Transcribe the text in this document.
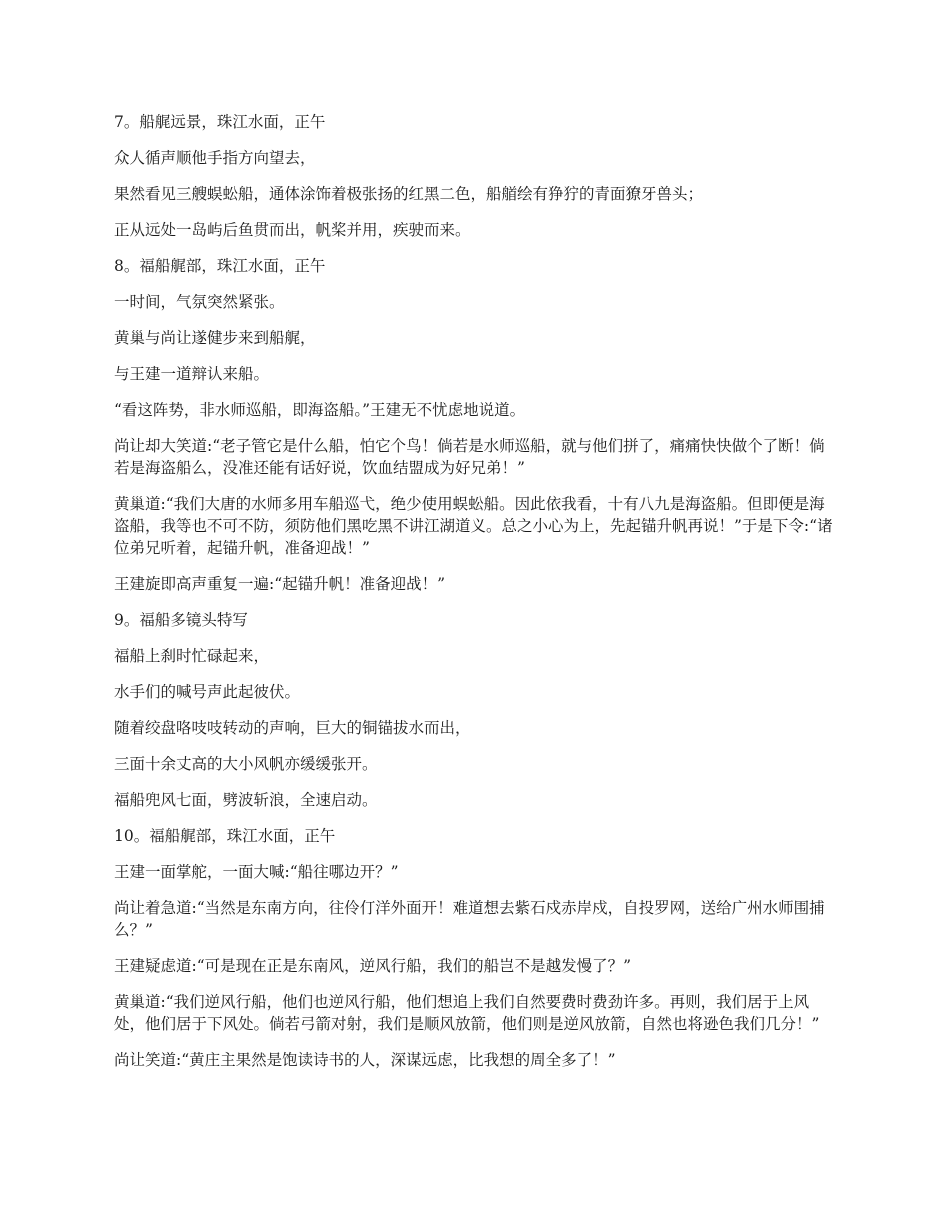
7。船艉远景，珠江水面，正午

众人循声顺他手指方向望去，

果然看见三艘蜈蚣船，通体涂饰着极张扬的红黑二色，船艏绘有狰狞的青面獠牙兽头；

正从远处一岛屿后鱼贯而出，帆桨并用，疾驶而来。

8。福船艉部，珠江水面，正午

一时间，气氛突然紧张。

黄巢与尚让遂健步来到船艉，

与王建一道辩认来船。

“看这阵势，非水师巡船，即海盗船。”王建无不忧虑地说道。

尚让却大笑道:“老子管它是什么船，怕它个鸟！倘若是水师巡船，就与他们拼了，痛痛快快做个了断！倘若是海盗船么，没准还能有话好说，饮血结盟成为好兄弟！”

黄巢道:“我们大唐的水师多用车船巡弋，绝少使用蜈蚣船。因此依我看，十有八九是海盗船。但即便是海盗船，我等也不可不防，须防他们黑吃黑不讲江湖道义。总之小心为上，先起锚升帆再说！”于是下令:“诸位弟兄听着，起锚升帆，准备迎战！”

王建旋即高声重复一遍:“起锚升帆！准备迎战！”

9。福船多镜头特写

福船上刹时忙碌起来，

水手们的喊号声此起彼伏。

随着绞盘咯吱吱转动的声响，巨大的铜锚拔水而出，

三面十余丈高的大小风帆亦缓缓张开。

福船兜风七面，劈波斩浪，全速启动。

10。福船艉部，珠江水面，正午

王建一面掌舵，一面大喊:“船往哪边开？”

尚让着急道:“当然是东南方向，往伶仃洋外面开！难道想去紫石戍赤岸戍，自投罗网，送给广州水师围捕么？”

王建疑虑道:“可是现在正是东南风，逆风行船，我们的船岂不是越发慢了？”

黄巢道:“我们逆风行船，他们也逆风行船，他们想追上我们自然要费时费劲许多。再则，我们居于上风处，他们居于下风处。倘若弓箭对射，我们是顺风放箭，他们则是逆风放箭，自然也将逊色我们几分！”

尚让笑道:“黄庄主果然是饱读诗书的人，深谋远虑，比我想的周全多了！”
